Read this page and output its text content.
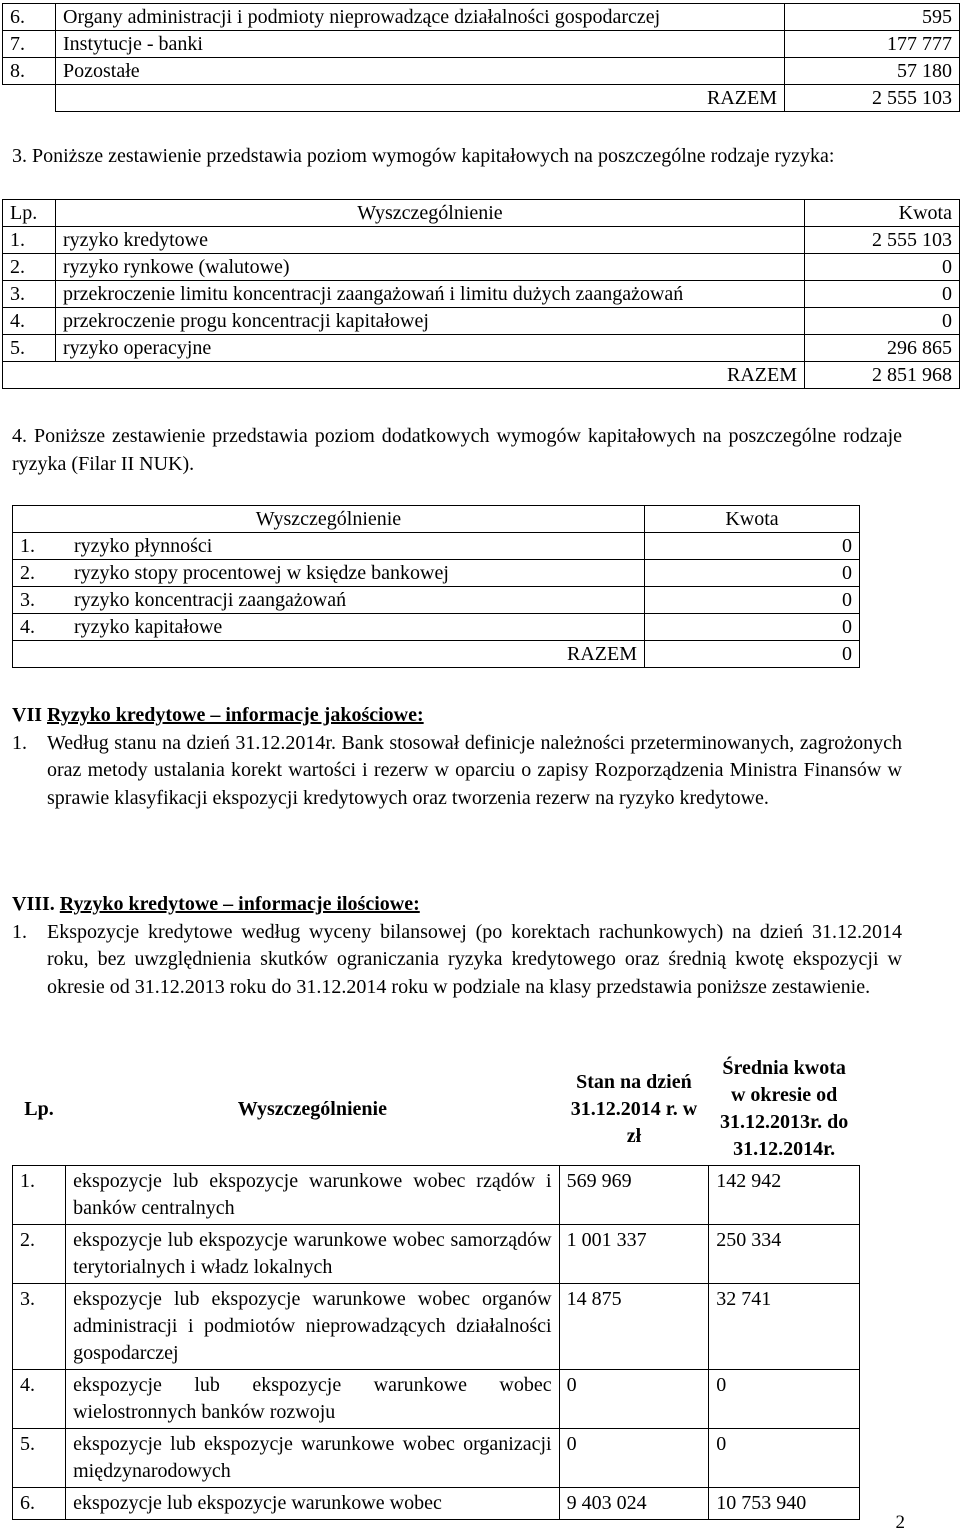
6.	Organy administracji i podmioty nieprowadzące działalności gospodarczej	595
7.	Instytucje - banki	177 777
8.	Pozostałe	57 180
	RAZEM	2 555 103
3. Poniższe zestawienie przedstawia poziom wymogów kapitałowych na poszczególne rodzaje ryzyka:
Lp.	Wyszczególnienie	Kwota
1.	ryzyko kredytowe	2 555 103
2.	ryzyko rynkowe (walutowe)	0
3.	przekroczenie limitu koncentracji zaangażowań i limitu dużych zaangażowań	0
4.	przekroczenie progu koncentracji kapitałowej	0
5.	ryzyko operacyjne	296 865
RAZEM		2 851 968
4. Poniższe zestawienie przedstawia poziom dodatkowych wymogów kapitałowych na poszczególne rodzaje ryzyka (Filar II NUK).
Wyszczególnienie		Kwota
1.	ryzyko płynności	0
2.	ryzyko stopy procentowej w księdze bankowej	0
3.	ryzyko koncentracji zaangażowań	0
4.	ryzyko kapitałowe	0
RAZEM		0
VII Ryzyko kredytowe – informacje jakościowe:
1.	Według stanu na dzień 31.12.2014r. Bank stosował definicje należności przeterminowanych, zagrożonych oraz metody ustalania korekt wartości i rezerw w oparciu o zapisy Rozporządzenia Ministra Finansów w sprawie klasyfikacji ekspozycji kredytowych oraz tworzenia rezerw na ryzyko kredytowe.
VIII. Ryzyko kredytowe – informacje ilościowe:
1.	Ekspozycje kredytowe według wyceny bilansowej (po korektach rachunkowych) na dzień 31.12.2014 roku, bez uwzględnienia skutków ograniczania ryzyka kredytowego oraz średnią kwotę ekspozycji w okresie od 31.12.2013 roku do 31.12.2014 roku w podziale na klasy przedstawia poniższe zestawienie.
Lp.	Wyszczególnienie	Stan na dzień 31.12.2014 r. w zł	Średnia kwota w okresie od 31.12.2013r. do 31.12.2014r.
1.	ekspozycje lub ekspozycje warunkowe wobec rządów i banków centralnych	569 969	142 942
2.	ekspozycje lub ekspozycje warunkowe wobec samorządów terytorialnych i władz lokalnych	1 001 337	250 334
3.	ekspozycje lub ekspozycje warunkowe wobec organów administracji i podmiotów nieprowadzących działalności gospodarczej	14 875	32 741
4.	ekspozycje lub ekspozycje warunkowe wobec wielostronnych banków rozwoju	0	0
5.	ekspozycje lub ekspozycje warunkowe wobec organizacji międzynarodowych	0	0
6.	ekspozycje lub ekspozycje warunkowe wobec	9 403 024	10 753 940
2
